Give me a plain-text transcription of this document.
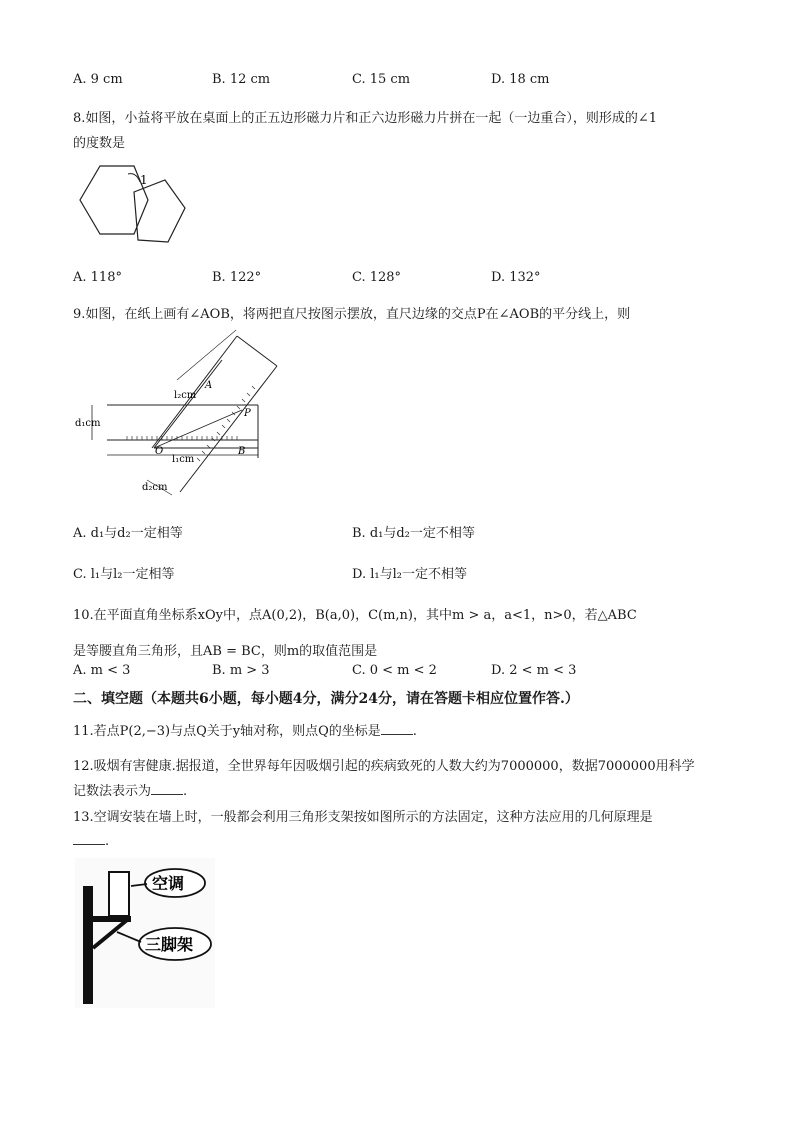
A. 9 cm	B. 12 cm	C. 15 cm	D. 18 cm
8.如图，小益将平放在桌面上的正五边形磁力片和正六边形磁力片拼在一起（一边重合），则形成的∠1
的度数是
1
A. 118°	B. 122°	C. 128°	D. 132°
9.如图，在纸上画有∠AOB，将两把直尺按图示摆放，直尺边缘的交点P在∠AOB的平分线上，则
A
P
O	B
l₂cm
l₁cm
d₁cm
d₂cm
A. d₁与d₂一定相等	B. d₁与d₂一定不相等
C. l₁与l₂一定相等	D. l₁与l₂一定不相等
10.在平面直角坐标系xOy中，点A(0,2)，B(a,0)，C(m,n)，其中m > a，a<1，n>0，若△ABC
是等腰直角三角形，且AB = BC，则m的取值范围是
A. m < 3	B. m > 3	C. 0 < m < 2	D. 2 < m < 3
二、填空题（本题共6小题，每小题4分，满分24分，请在答题卡相应位置作答.）
11.若点P(2,−3)与点Q关于y轴对称，则点Q的坐标是 .
12.吸烟有害健康.据报道，全世界每年因吸烟引起的疾病致死的人数大约为7000000，数据7000000用科学
记数法表示为 .
13.空调安装在墙上时，一般都会利用三角形支架按如图所示的方法固定，这种方法应用的几何原理是
.
空调
三脚架
